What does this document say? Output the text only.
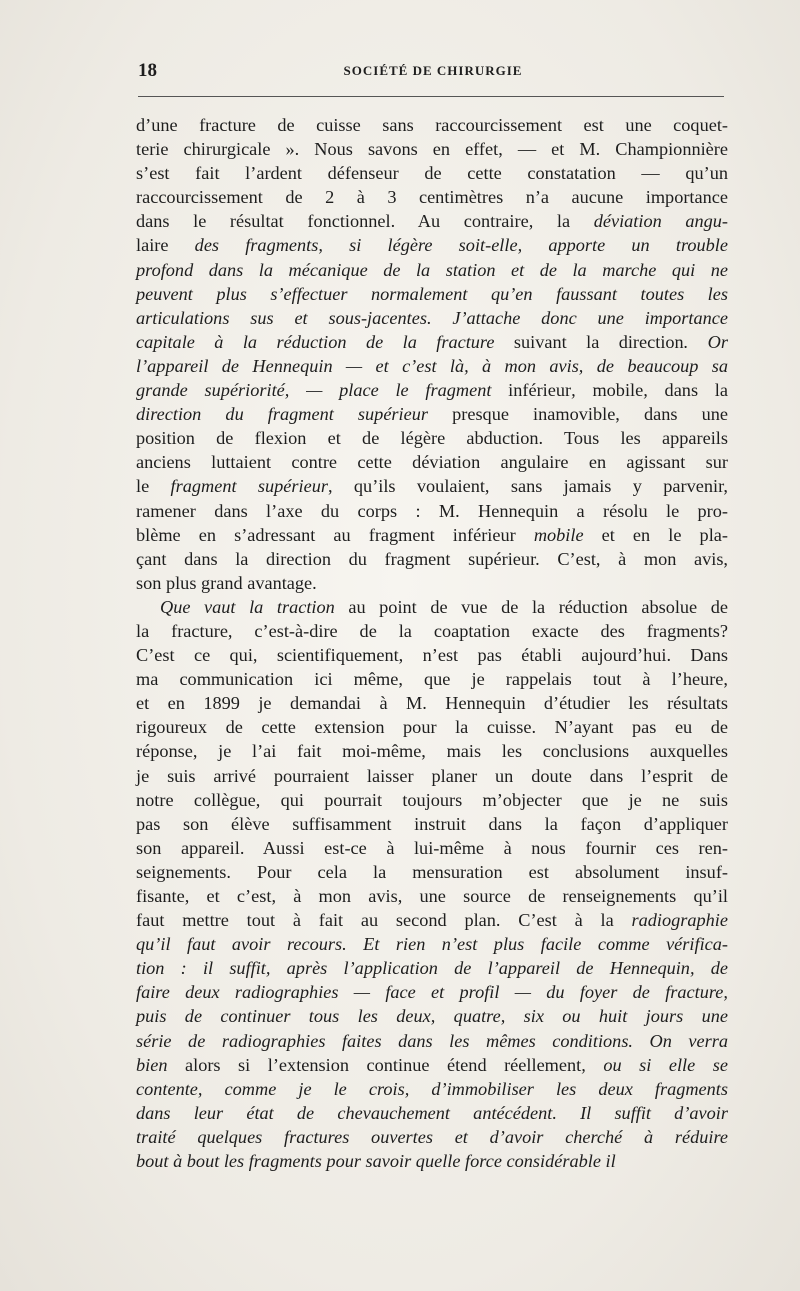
18	SOCIÉTÉ DE CHIRURGIE
d’une fracture de cuisse sans raccourcissement est une coquet-
terie chirurgicale ». Nous savons en effet, — et M. Championnière
s’est fait l’ardent défenseur de cette constatation — qu’un
raccourcissement de 2 à 3 centimètres n’a aucune importance
dans le résultat fonctionnel. Au contraire, la déviation angu-
laire des fragments, si légère soit-elle, apporte un trouble
profond dans la mécanique de la station et de la marche qui ne
peuvent plus s’effectuer normalement qu’en faussant toutes les
articulations sus et sous-jacentes. J’attache donc une importance
capitale à la réduction de la fracture suivant la direction. Or
l’appareil de Hennequin — et c’est là, à mon avis, de beaucoup sa
grande supériorité, — place le fragment inférieur, mobile, dans la
direction du fragment supérieur presque inamovible, dans une
position de flexion et de légère abduction. Tous les appareils
anciens luttaient contre cette déviation angulaire en agissant sur
le fragment supérieur, qu’ils voulaient, sans jamais y parvenir,
ramener dans l’axe du corps : M. Hennequin a résolu le pro-
blème en s’adressant au fragment inférieur mobile et en le pla-
çant dans la direction du fragment supérieur. C’est, à mon avis,
son plus grand avantage.
Que vaut la traction au point de vue de la réduction absolue de
la fracture, c’est-à-dire de la coaptation exacte des fragments?
C’est ce qui, scientifiquement, n’est pas établi aujourd’hui. Dans
ma communication ici même, que je rappelais tout à l’heure,
et en 1899 je demandai à M. Hennequin d’étudier les résultats
rigoureux de cette extension pour la cuisse. N’ayant pas eu de
réponse, je l’ai fait moi-même, mais les conclusions auxquelles
je suis arrivé pourraient laisser planer un doute dans l’esprit de
notre collègue, qui pourrait toujours m’objecter que je ne suis
pas son élève suffisamment instruit dans la façon d’appliquer
son appareil. Aussi est-ce à lui-même à nous fournir ces ren-
seignements. Pour cela la mensuration est absolument insuf-
fisante, et c’est, à mon avis, une source de renseignements qu’il
faut mettre tout à fait au second plan. C’est à la radiographie
qu’il faut avoir recours. Et rien n’est plus facile comme vérifica-
tion : il suffit, après l’application de l’appareil de Hennequin, de
faire deux radiographies — face et profil — du foyer de fracture,
puis de continuer tous les deux, quatre, six ou huit jours une
série de radiographies faites dans les mêmes conditions. On verra
bien alors si l’extension continue étend réellement, ou si elle se
contente, comme je le crois, d’immobiliser les deux fragments
dans leur état de chevauchement antécédent. Il suffit d’avoir
traité quelques fractures ouvertes et d’avoir cherché à réduire
bout à bout les fragments pour savoir quelle force considérable il
